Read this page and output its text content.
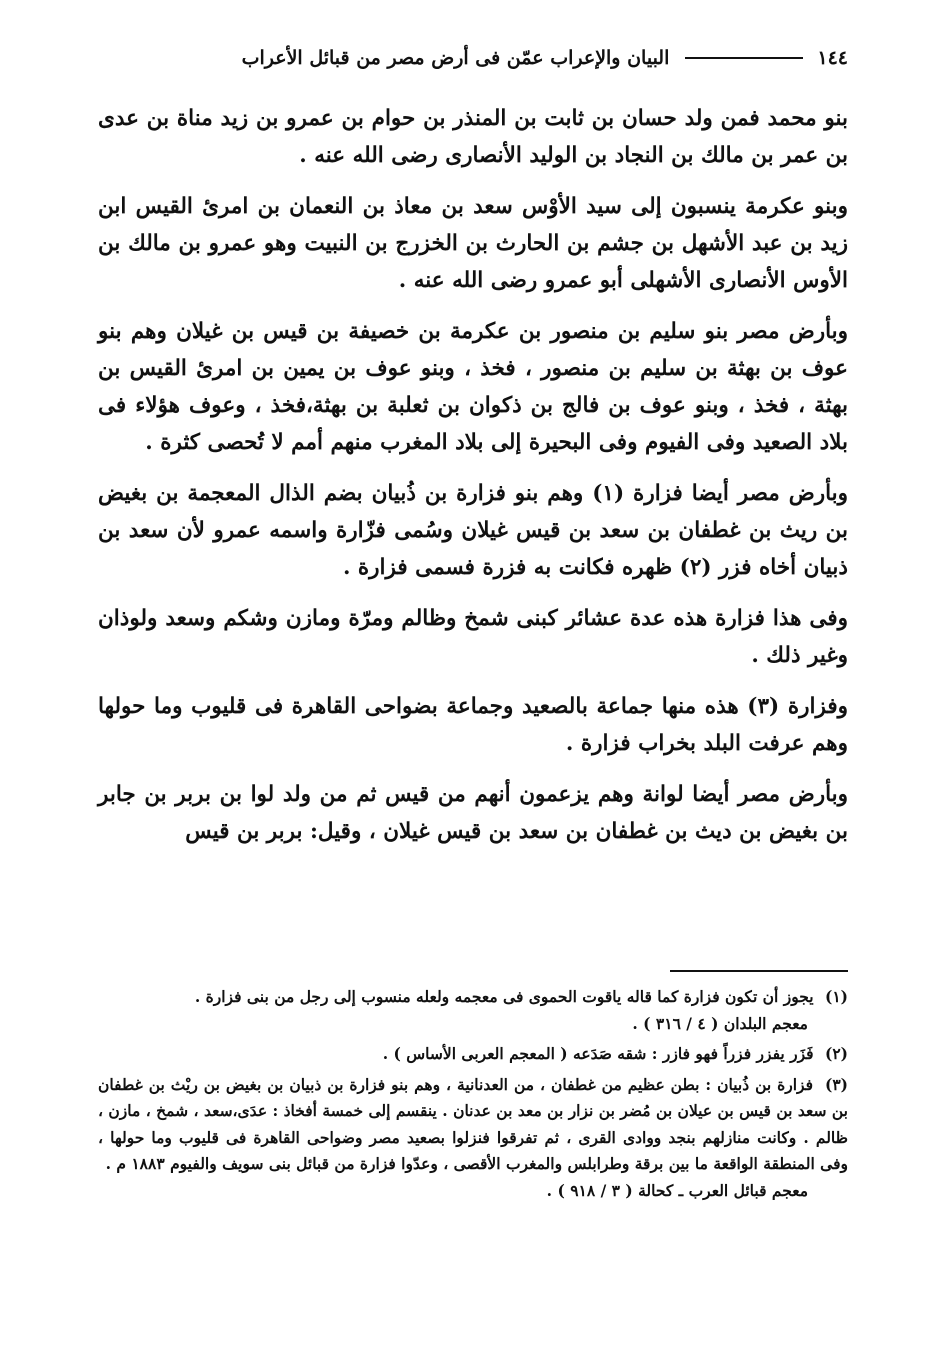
١٤٤
البيان والإعراب عمّن فى أرض مصر من قبائل الأعراب

بنو محمد فمن ولد حسان بن ثابت بن المنذر بن حوام بن عمرو بن زيد مناة بن عدى بن عمر بن مالك بن النجاد بن الوليد الأنصارى رضى الله عنه .

وبنو عكرمة ينسبون إلى سيد الأوْس سعد بن معاذ بن النعمان بن امرئ القيس ابن زيد بن عبد الأشهل بن جشم بن الحارث بن الخزرج بن النبيت وهو عمرو بن مالك بن الأوس الأنصارى الأشهلى أبو عمرو رضى الله عنه .

وبأرض مصر بنو سليم بن منصور بن عكرمة بن خصيفة بن قيس بن غيلان وهم بنو عوف بن بهثة بن سليم بن منصور ، فخذ ، وبنو عوف بن يمين بن امرئ القيس بن بهثة ، فخذ ، وبنو عوف بن فالج بن ذكوان بن ثعلبة بن بهثة،فخذ ، وعوف هؤلاء فى بلاد الصعيد وفى الفيوم وفى البحيرة إلى بلاد المغرب منهم أمم لا تُحصى كثرة .

وبأرض مصر أيضا فزارة (١) وهم بنو فزارة بن ذُبيان بضم الذال المعجمة بن بغيض بن ريث بن غطفان بن سعد بن قيس غيلان وسُمى فزّارة واسمه عمرو لأن سعد بن ذبيان أخاه فزر (٢) ظهره فكانت به فزرة فسمى فزارة .

وفى هذا فزارة هذه عدة عشائر كبنى شمخ وظالم ومرّة ومازن وشكم وسعد ولوذان وغير ذلك .

وفزارة (٣) هذه منها جماعة بالصعيد وجماعة بضواحى القاهرة فى قليوب وما حولها وهم عرفت البلد بخراب فزارة .

وبأرض مصر أيضا لوانة وهم يزعمون أنهم من قيس ثم من ولد لوا بن بربر بن جابر بن بغيض بن ديث بن غطفان بن سعد بن قيس غيلان ، وقيل: بربر بن قيس

(١) يجوز أن تكون فزارة كما قاله ياقوت الحموى فى معجمه ولعله منسوب إلى رجل من بنى فزارة .
معجم البلدان ( ٤ / ٣١٦ ) .
(٢) فَزَر يفزر فزراً فهو فازر : شقه صَدَعه ( المعجم العربى الأساس ) .
(٣) فزارة بن ذُبيان : بطن عظيم من غطفان ، من العدنانية ، وهم بنو فزارة بن ذبيان بن بغيض بن ريْث بن غطفان بن سعد بن قيس بن عيلان بن مُضر بن نزار بن معد بن عدنان . ينقسم إلى خمسة أفخاذ : عدَى،سعد ، شمخ ، مازن ، ظالم . وكانت منازلهم بنجد ووادى القرى ، ثم تفرقوا فنزلوا بصعيد مصر وضواحى القاهرة فى قليوب وما حولها ، وفى المنطقة الواقعة ما بين برقة وطرابلس والمغرب الأقصى ، وعدّوا فزارة من قبائل بنى سويف والفيوم ١٨٨٣ م .
معجم قبائل العرب ـ كحالة ( ٣ / ٩١٨ ) .
